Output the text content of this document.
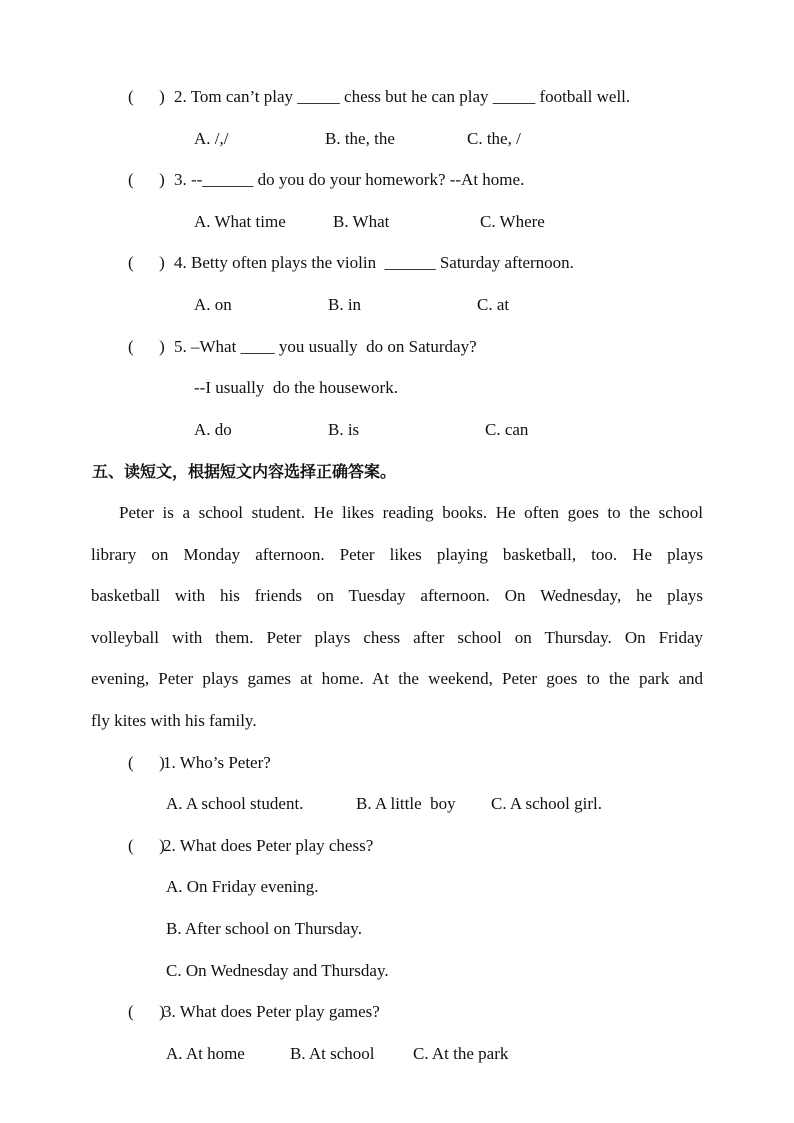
(      ) 2. Tom can’t play _____ chess but he can play _____ football well.
A. /,/	B. the, the	C. the, /
(      ) 3. --______ do you do your homework? --At home.
A. What time	B. What	C. Where
(      ) 4. Betty often plays the violin  ______ Saturday afternoon.
A. on	B. in	C. at
(      ) 5. –What ____ you usually  do on Saturday?
--I usually  do the housework.
A. do	B. is	C. can
五、读短文，根据短文内容选择正确答案。
Peter is a school student. He likes reading books. He often goes to the school
library on Monday afternoon. Peter likes playing basketball, too. He plays
basketball with his friends on Tuesday afternoon. On Wednesday, he plays
volleyball with them. Peter plays chess after school on Thursday. On Friday
evening, Peter plays games at home. At the weekend, Peter goes to the park and
fly kites with his family.
(      )
1. Who’s Peter?
A. A school student.	B. A little  boy C. A school girl.
(      )
2. What does Peter play chess?
A. On Friday evening.
B. After school on Thursday.
C. On Wednesday and Thursday.
(      )
3. What does Peter play games?
A. At home	B. At school C. At the park
